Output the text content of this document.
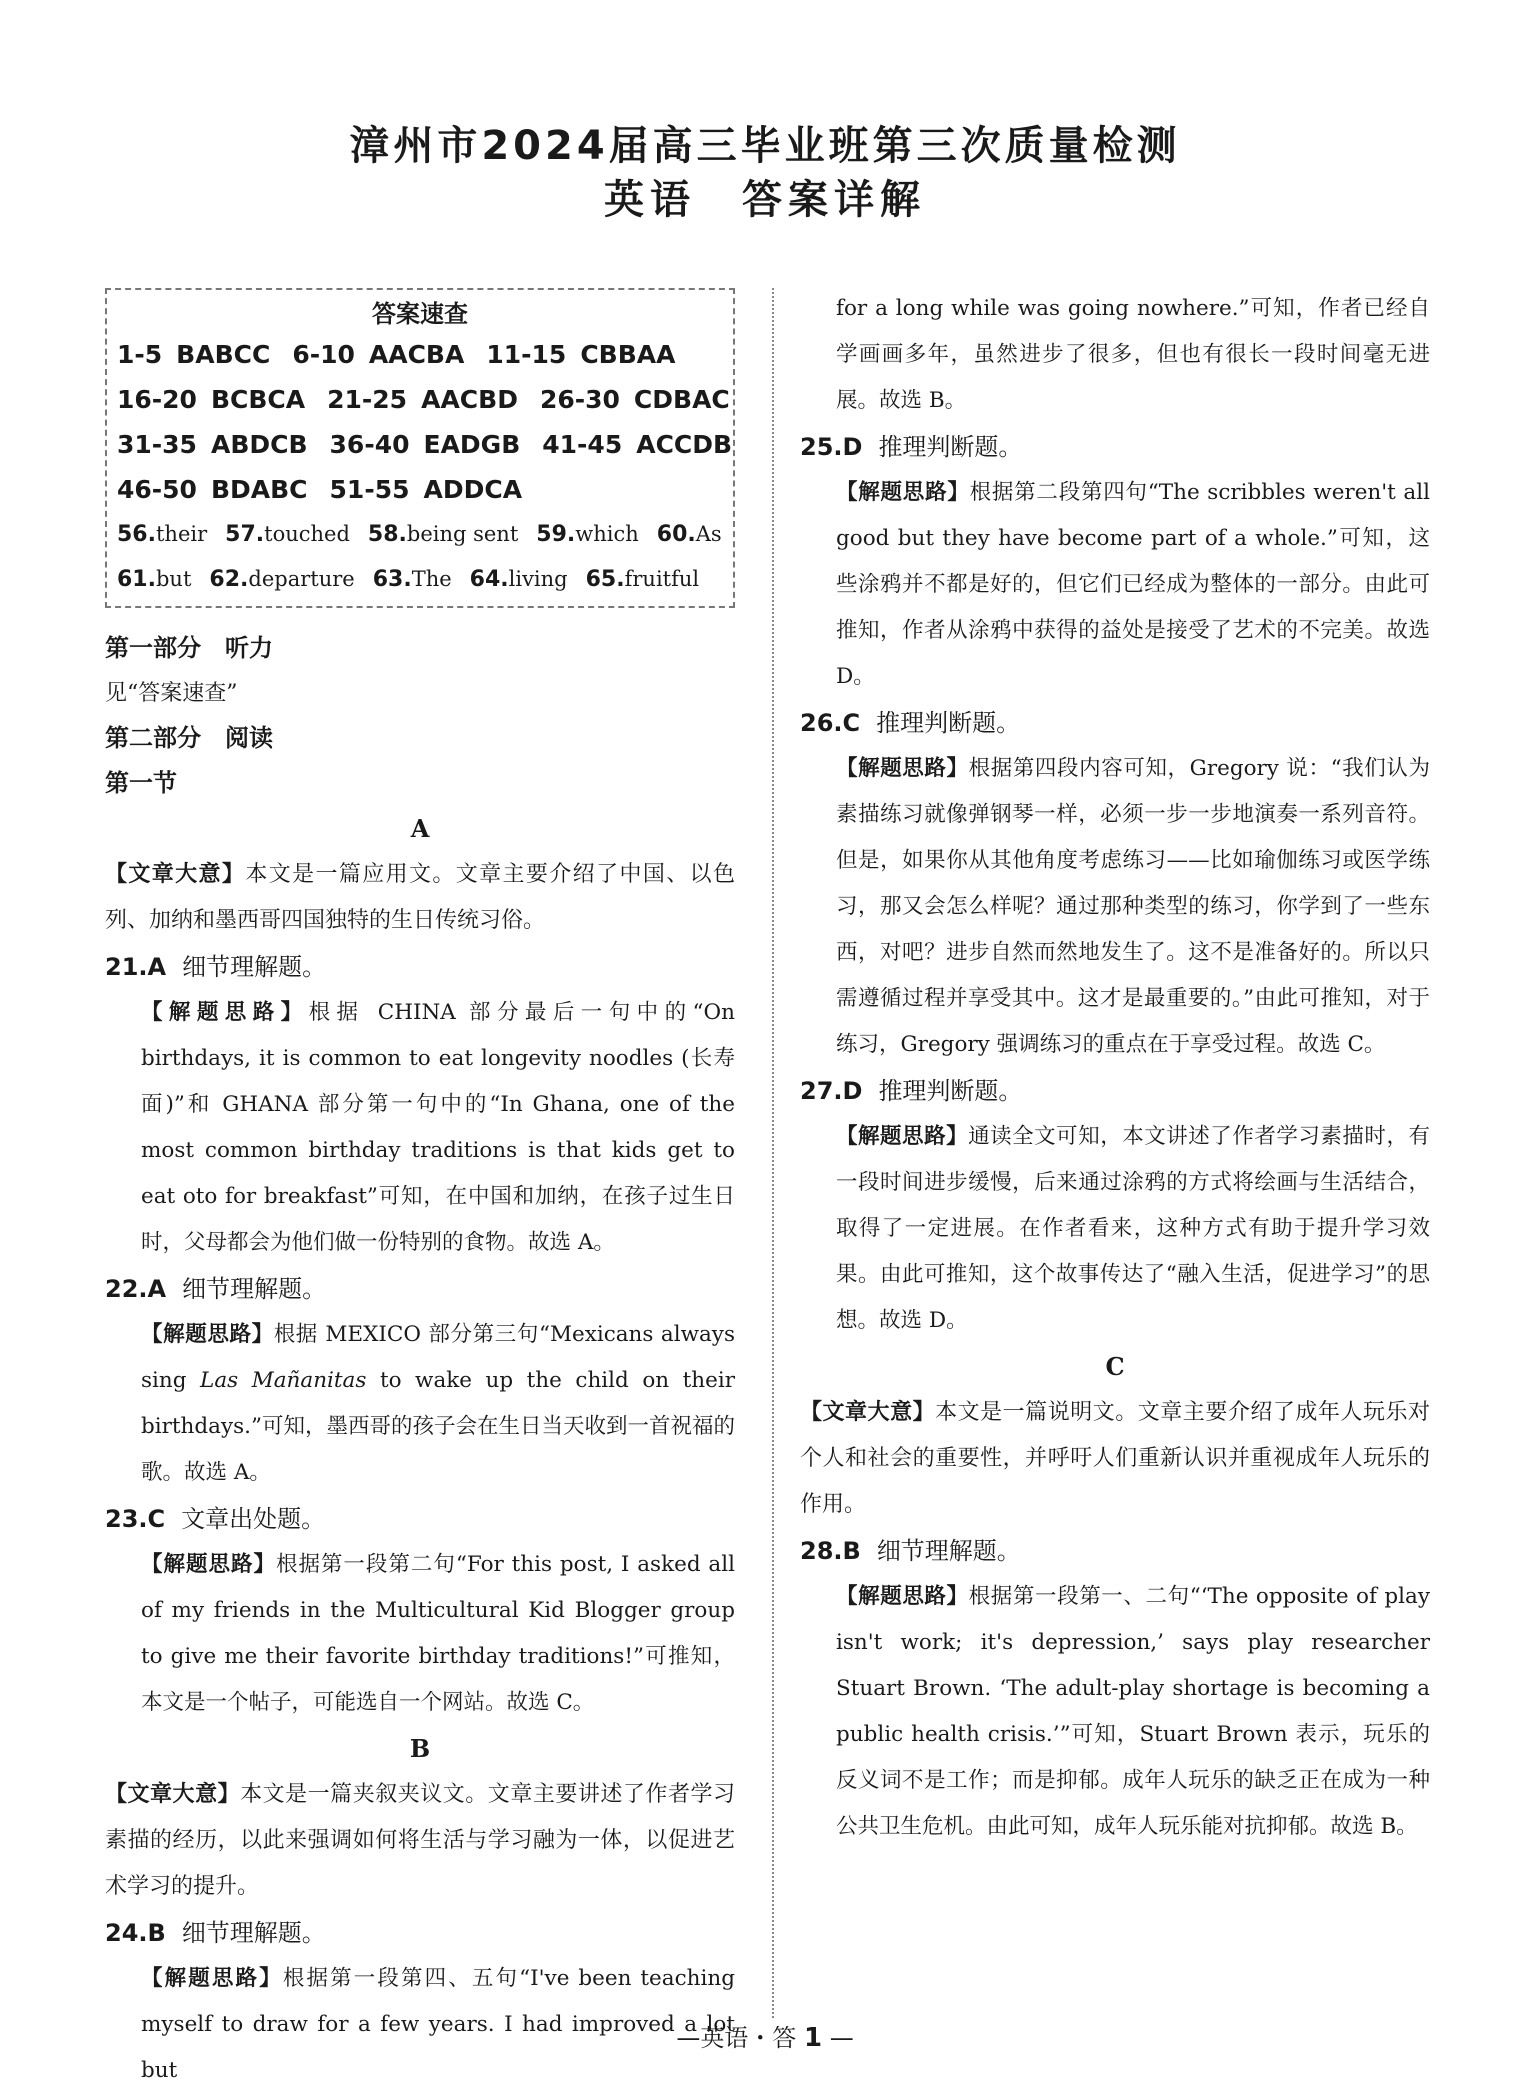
漳州市2024届高三毕业班第三次质量检测
英语　答案详解
答案速查
1-5 BABCC 6-10 AACBA 11-15 CBBAA
16-20 BCBCA 21-25 AACBD 26-30 CDBAC
31-35 ABDCB 36-40 EADGB 41-45 ACCDB
46-50 BDABC 51-55 ADDCA
56.their 57.touched 58.being sent 59.which 60.As
61.but 62.departure 63.The 64.living 65.fruitful
第一部分　听力
见“答案速查”
第二部分　阅读
第一节
A
【文章大意】本文是一篇应用文。文章主要介绍了中国、以色列、加纳和墨西哥四国独特的生日传统习俗。
21.A 细节理解题。
【解题思路】根据 CHINA 部分最后一句中的“On birthdays, it is common to eat longevity noodles (长寿面)”和 GHANA 部分第一句中的“In Ghana, one of the most common birthday traditions is that kids get to eat oto for breakfast”可知，在中国和加纳，在孩子过生日时，父母都会为他们做一份特别的食物。故选 A。
22.A 细节理解题。
【解题思路】根据 MEXICO 部分第三句“Mexicans always sing Las Mañanitas to wake up the child on their birthdays.”可知，墨西哥的孩子会在生日当天收到一首祝福的歌。故选 A。
23.C 文章出处题。
【解题思路】根据第一段第二句“For this post, I asked all of my friends in the Multicultural Kid Blogger group to give me their favorite birthday traditions!”可推知，本文是一个帖子，可能选自一个网站。故选 C。
B
【文章大意】本文是一篇夹叙夹议文。文章主要讲述了作者学习素描的经历，以此来强调如何将生活与学习融为一体，以促进艺术学习的提升。
24.B 细节理解题。
【解题思路】根据第一段第四、五句“I've been teaching myself to draw for a few years. I had improved a lot but
for a long while was going nowhere.”可知，作者已经自学画画多年，虽然进步了很多，但也有很长一段时间毫无进展。故选 B。
25.D 推理判断题。
【解题思路】根据第二段第四句“The scribbles weren't all good but they have become part of a whole.”可知，这些涂鸦并不都是好的，但它们已经成为整体的一部分。由此可推知，作者从涂鸦中获得的益处是接受了艺术的不完美。故选 D。
26.C 推理判断题。
【解题思路】根据第四段内容可知，Gregory 说：“我们认为素描练习就像弹钢琴一样，必须一步一步地演奏一系列音符。但是，如果你从其他角度考虑练习——比如瑜伽练习或医学练习，那又会怎么样呢？通过那种类型的练习，你学到了一些东西，对吧？进步自然而然地发生了。这不是准备好的。所以只需遵循过程并享受其中。这才是最重要的。”由此可推知，对于练习，Gregory 强调练习的重点在于享受过程。故选 C。
27.D 推理判断题。
【解题思路】通读全文可知，本文讲述了作者学习素描时，有一段时间进步缓慢，后来通过涂鸦的方式将绘画与生活结合，取得了一定进展。在作者看来，这种方式有助于提升学习效果。由此可推知，这个故事传达了“融入生活，促进学习”的思想。故选 D。
C
【文章大意】本文是一篇说明文。文章主要介绍了成年人玩乐对个人和社会的重要性，并呼吁人们重新认识并重视成年人玩乐的作用。
28.B 细节理解题。
【解题思路】根据第一段第一、二句“‘The opposite of play isn't work; it's depression,’ says play researcher Stuart Brown. ‘The adult-play shortage is becoming a public health crisis.’”可知，Stuart Brown 表示，玩乐的反义词不是工作；而是抑郁。成年人玩乐的缺乏正在成为一种公共卫生危机。由此可知，成年人玩乐能对抗抑郁。故选 B。
—英语・答 1 —
